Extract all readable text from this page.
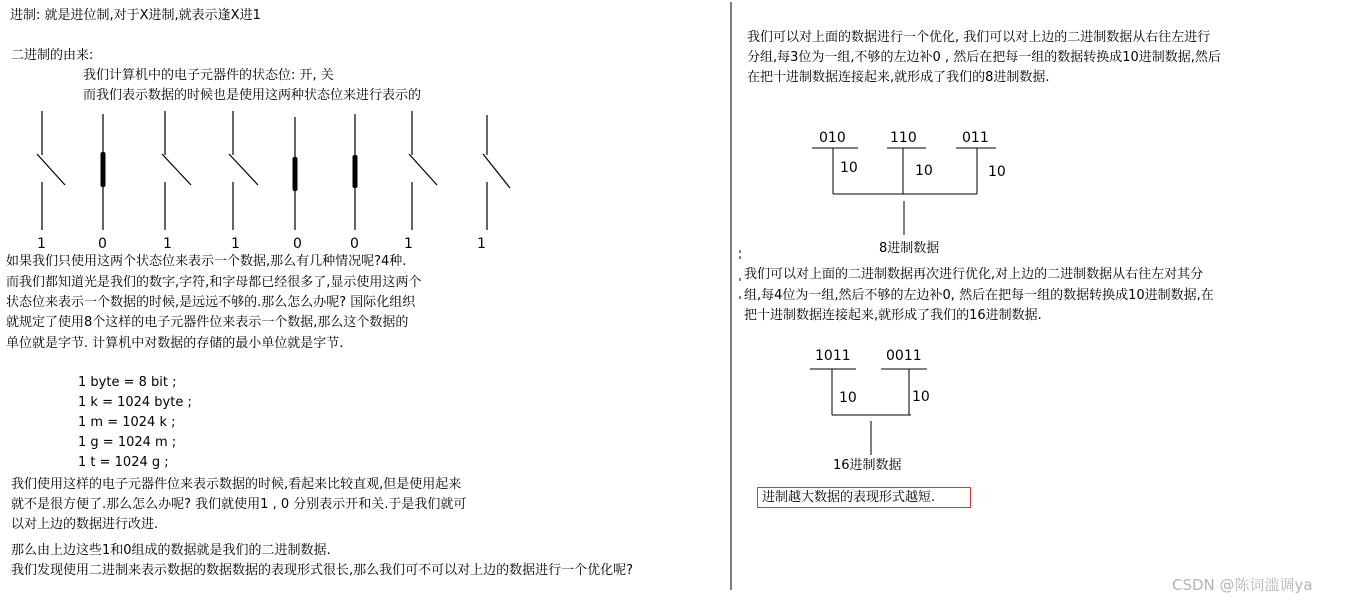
进制: 就是进位制,对于X进制,就表示逢X进1
二进制的由来:
我们计算机中的电子元器件的状态位: 开, 关
而我们表示数据的时候也是使用这两种状态位来进行表示的
1	0	1	1	0	0	1	1
如果我们只使用这两个状态位来表示一个数据,那么有几种情况呢?4种.
而我们都知道光是我们的数字,字符,和字母都已经很多了,显示使用这两个
状态位来表示一个数据的时候,是远远不够的.那么怎么办呢? 国际化组织
就规定了使用8个这样的电子元器件位来表示一个数据,那么这个数据的
单位就是字节. 计算机中对数据的存储的最小单位就是字节.
1 byte = 8 bit ;
1 k = 1024 byte ;
1 m = 1024 k ;
1 g = 1024 m ;
1 t = 1024 g ;
我们使用这样的电子元器件位来表示数据的时候,看起来比较直观,但是使用起来
就不是很方便了.那么怎么办呢? 我们就使用1 , 0 分别表示开和关.于是我们就可
以对上边的数据进行改进.
那么由上边这些1和0组成的数据就是我们的二进制数据.
我们发现使用二进制来表示数据的数据数据的表现形式很长,那么我们可不可以对上边的数据进行一个优化呢?
我们可以对上面的数据进行一个优化, 我们可以对上边的二进制数据从右往左进行
分组,每3位为一组,不够的左边补0 , 然后在把每一组的数据转换成10进制数据,然后
在把十进制数据连接起来,就形成了我们的8进制数据.
010	110	011
10	10	10
8进制数据
我们可以对上面的二进制数据再次进行优化,对上边的二进制数据从右往左对其分
组,每4位为一组,然后不够的左边补0, 然后在把每一组的数据转换成10进制数据,在
把十进制数据连接起来,就形成了我们的16进制数据.
1011	0011
10	10
16进制数据
进制越大数据的表现形式越短.
CSDN @陈词滥调ya
